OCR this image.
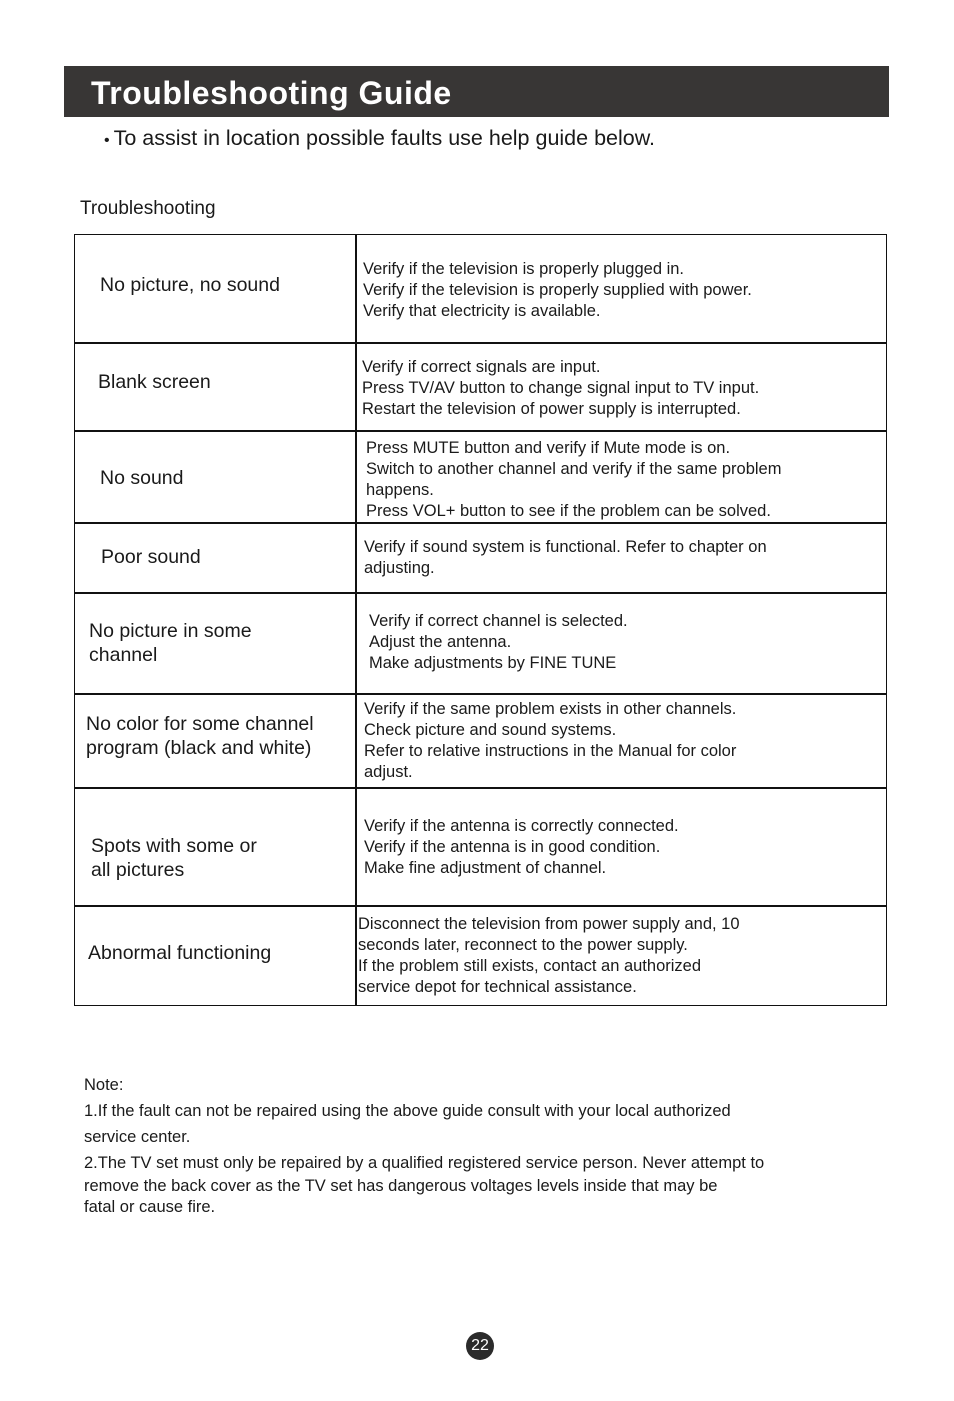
Troubleshooting Guide
• To assist in location possible faults use help guide below.
Troubleshooting
No picture, no sound
Verify if the television is properly plugged in.
Verify if the television is properly supplied with power.
Verify that electricity is available.
Blank screen
Verify if correct signals are input.
Press TV/AV button to change signal input to TV input.
Restart the television of power supply is interrupted.
No sound
Press MUTE button and verify if Mute mode is on.
Switch to another channel and verify if the same problem
happens.
Press VOL+ button to see if the problem can be solved.
Poor sound	Verify if sound system is functional. Refer to chapter on
adjusting.
No picture in some
channel
Verify if correct channel is selected.
Adjust the antenna.
Make adjustments by FINE TUNE
No color for some channel
program (black and white)
Verify if the same problem exists in other channels.
Check picture and sound systems.
Refer to relative instructions in the Manual for color
adjust.
Spots with some or
all pictures
Verify if the antenna is correctly connected.
Verify if the antenna is in good condition.
Make fine adjustment of channel.
Abnormal functioning
Disconnect the television from power supply and, 10
seconds later, reconnect to the power supply.
If the problem still exists, contact an authorized
service depot for technical assistance.
Note:
1.If the fault can not be repaired using the above guide consult with your local authorized
service center.
2.The TV set must only be repaired by a qualified registered service person. Never attempt to
remove the back cover as the TV set has dangerous voltages levels inside that may be
fatal or cause fire.
22
